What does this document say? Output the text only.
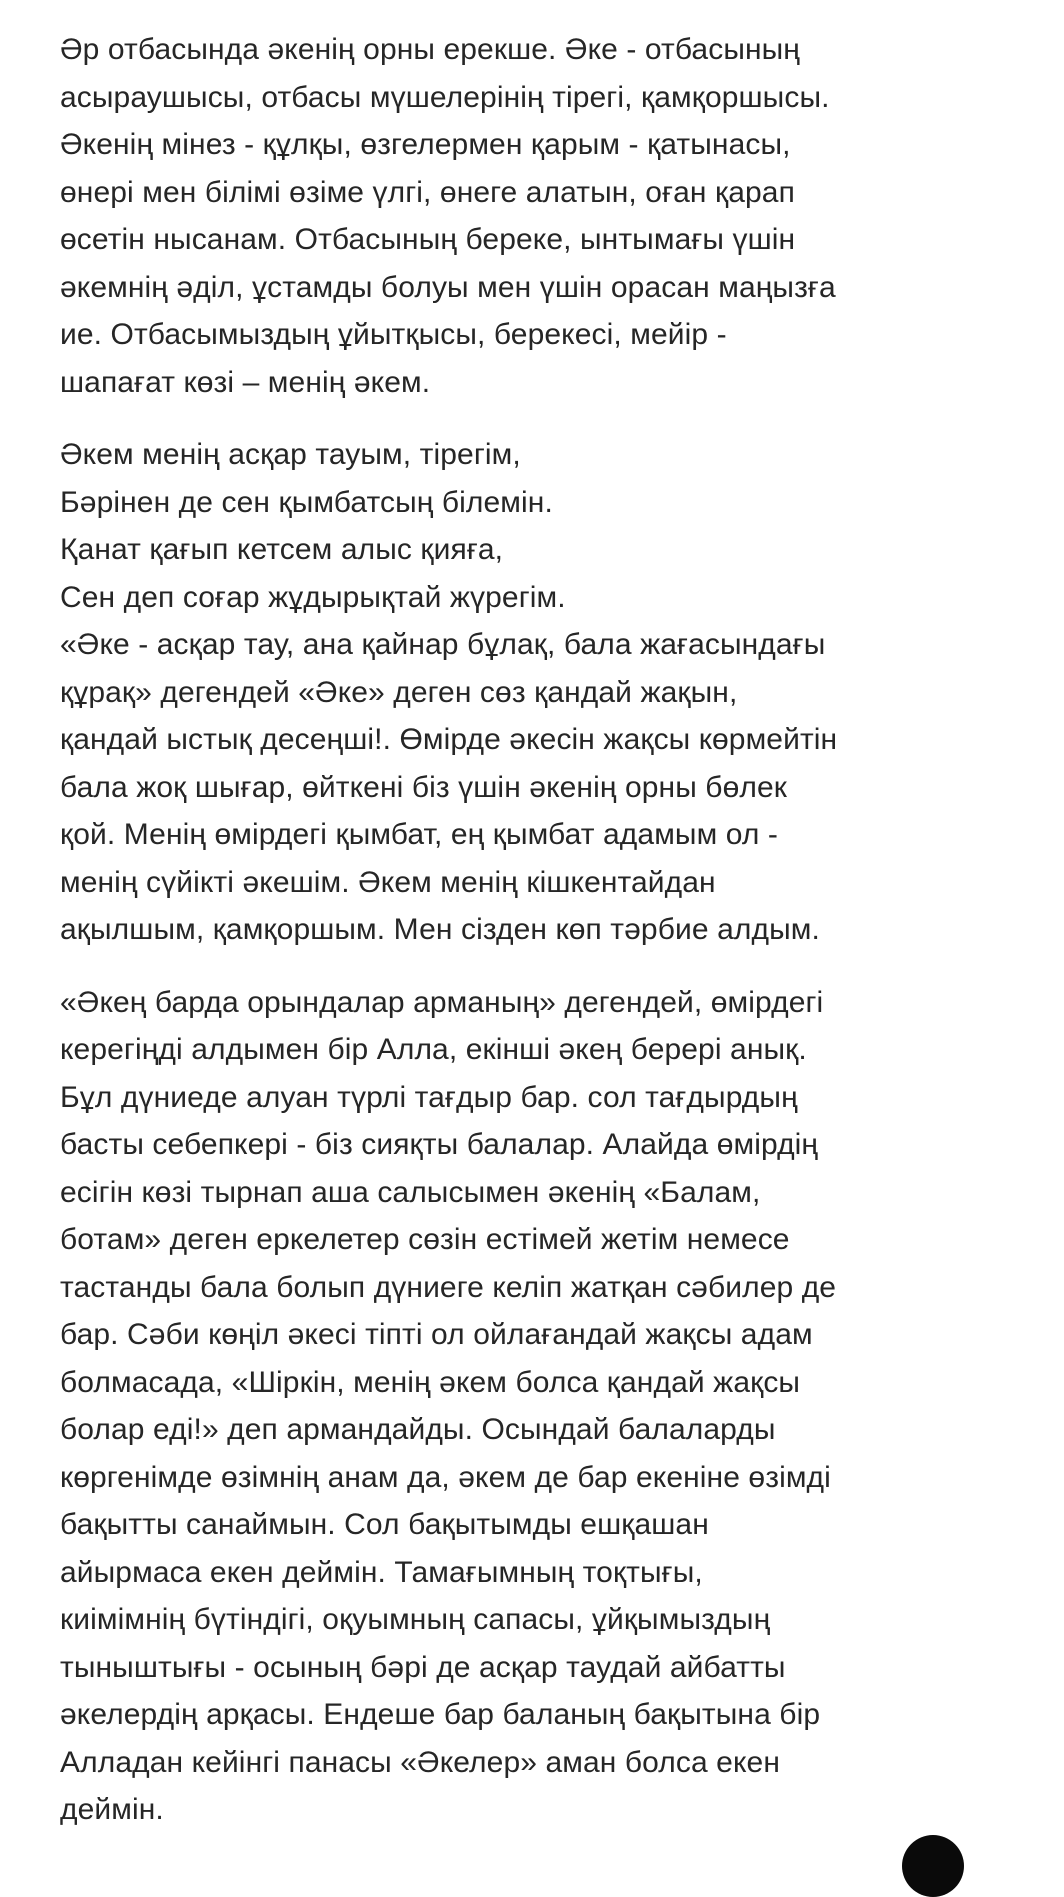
Әр отбасында әкенің орны ерекше. Әке - отбасының
асыраушысы, отбасы мүшелерінің тірегі, қамқоршысы.
Әкенің мінез - құлқы, өзгелермен қарым - қатынасы,
өнері мен білімі өзіме үлгі, өнеге алатын, оған қарап
өсетін нысанам. Отбасының береке, ынтымағы үшін
әкемнің әділ, ұстамды болуы мен үшін орасан маңызға
ие. Отбасымыздың ұйытқысы, берекесі, мейір -
шапағат көзі – менің әкем.
Әкем менің асқар тауым, тірегім,
Бәрінен де сен қымбатсың білемін.
Қанат қағып кетсем алыс қияға,
Сен деп соғар жұдырықтай жүрегім.
«Әке - асқар тау, ана қайнар бұлақ, бала жағасындағы
құрақ» дегендей «Әке» деген сөз қандай жақын,
қандай ыстық десеңші!. Өмірде әкесін жақсы көрмейтін
бала жоқ шығар, өйткені біз үшін әкенің орны бөлек
қой. Менің өмірдегі қымбат, ең қымбат адамым ол -
менің сүйікті әкешім. Әкем менің кішкентайдан
ақылшым, қамқоршым. Мен сізден көп тәрбие алдым.
«Әкең барда орындалар арманың» дегендей, өмірдегі
керегіңді алдымен бір Алла, екінші әкең берері анық.
Бұл дүниеде алуан түрлі тағдыр бар. сол тағдырдың
басты себепкері - біз сияқты балалар. Алайда өмірдің
есігін көзі тырнап аша салысымен әкенің «Балам,
ботам» деген еркелетер сөзін естімей жетім немесе
тастанды бала болып дүниеге келіп жатқан сәбилер де
бар. Сәби көңіл әкесі тіпті ол ойлағандай жақсы адам
болмасада, «Шіркін, менің әкем болса қандай жақсы
болар еді!» деп армандайды. Осындай балаларды
көргенімде өзімнің анам да, әкем де бар екеніне өзімді
бақытты санаймын. Сол бақытымды ешқашан
айырмаса екен деймін. Тамағымның тоқтығы,
киімімнің бүтіндігі, оқуымның сапасы, ұйқымыздың
тыныштығы - осының бәрі де асқар таудай айбатты
әкелердің арқасы. Ендеше бар баланың бақытына бір
Алладан кейінгі панасы «Әкелер» аман болса екен
деймін.
